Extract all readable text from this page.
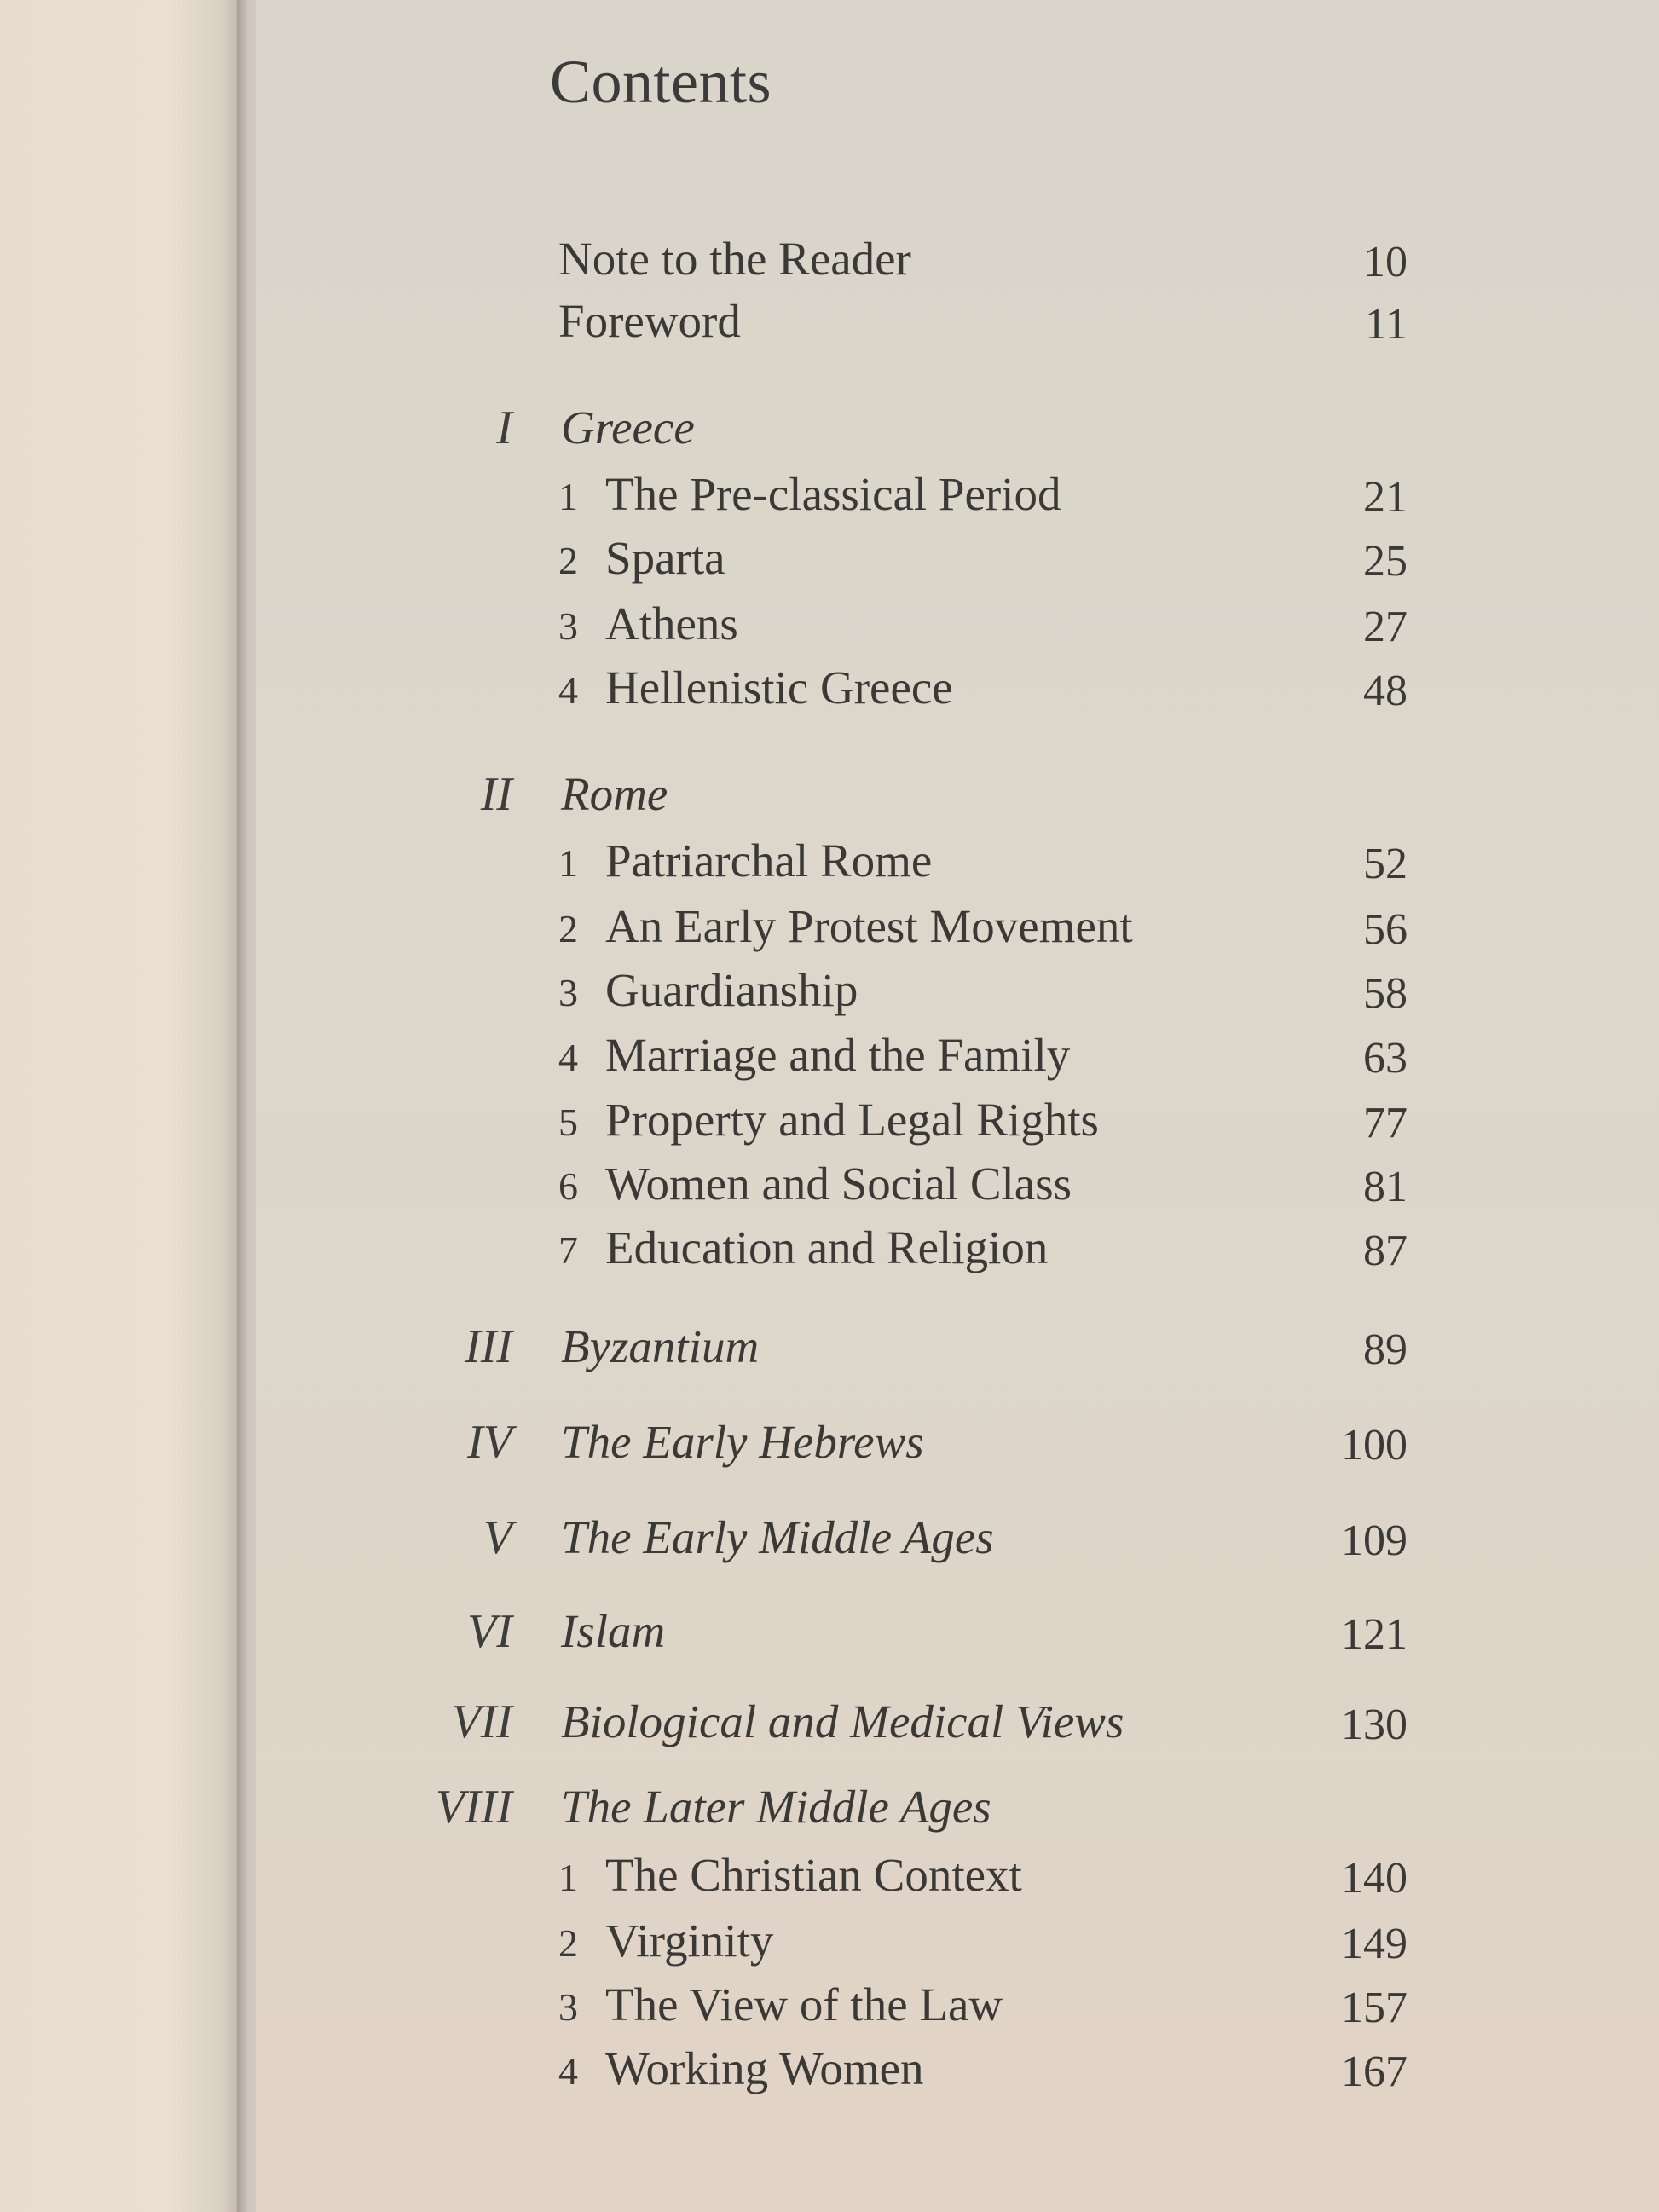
Contents
Note to the Reader	10
Foreword	11
I Greece
1 The Pre-classical Period	21
2 Sparta	25
3 Athens	27
4 Hellenistic Greece	48
II Rome
1 Patriarchal Rome	52
2 An Early Protest Movement	56
3 Guardianship	58
4 Marriage and the Family	63
5 Property and Legal Rights	77
6 Women and Social Class	81
7 Education and Religion	87
III Byzantium	89
IV The Early Hebrews	100
V The Early Middle Ages	109
VI Islam	121
VII Biological and Medical Views	130
VIII The Later Middle Ages
1 The Christian Context	140
2 Virginity	149
3 The View of the Law	157
4 Working Women	167
